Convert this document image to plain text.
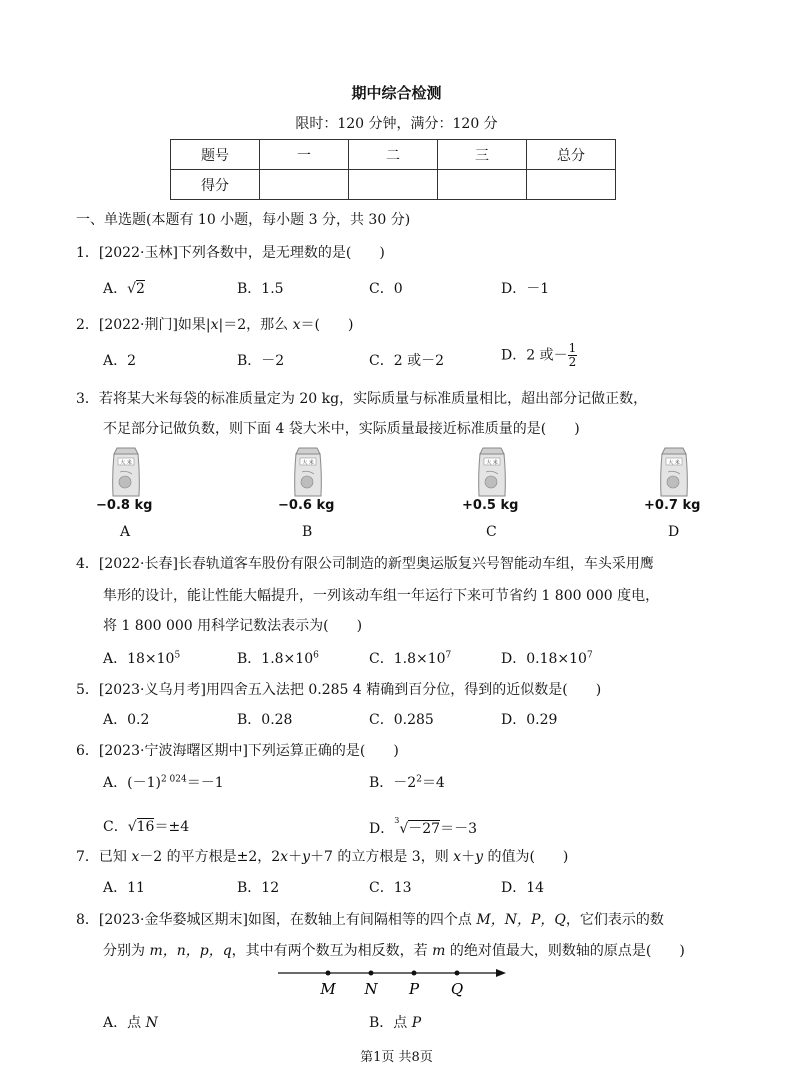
期中综合检测
限时：120 分钟，满分：120 分
题号	一	二	三	总分
得分				
一、单选题(本题有 10 小题，每小题 3 分，共 30 分)
1．[2022·玉林]下列各数中，是无理数的是(　　)
A．√2	B．1.5	C．0	D．－1
2．[2022·荆门]如果|x|＝2，那么 x＝(　　)
A．2	B．－2	C．2 或－2	D．2 或－ $\frac{1}{2}$
3．若将某大米每袋的标准质量定为 20 kg，实际质量与标准质量相比，超出部分记做正数，
不足部分记做负数，则下面 4 袋大米中，实际质量最接近标准质量的是(　　)
大 米
−0.8 kg
A
大 米
−0.6 kg
B
大 米
+0.5 kg
C
大 米
+0.7 kg
D
4．[2022·长春]长春轨道客车股份有限公司制造的新型奥运版复兴号智能动车组，车头采用鹰
隼形的设计，能让性能大幅提升，一列该动车组一年运行下来可节省约 1 800 000 度电，
将 1 800 000 用科学记数法表示为(　　)
A．$18\times 10^5$	B．$1.8\times 10^6$	C．$1.8\times 10^7$	D．$0.18\times 10^7$
5．[2023·义乌月考]用四舍五入法把 0.285 4 精确到百分位，得到的近似数是(　　)
A．0.2	B．0.28	C．0.285	D．0.29
6．[2023·宁波海曙区期中]下列运算正确的是(　　)
A．$(-1)^{2 024}=-1$	B．$-2^2=4$
C．√16＝±4	D．$^3$√－27＝－3
7．已知 x－2 的平方根是±2，2x＋y＋7 的立方根是 3，则 x＋y 的值为(　　)
A．11	B．12	C．13	D．14
8．[2023·金华婺城区期末]如图，在数轴上有间隔相等的四个点 M，N，P，Q，它们表示的数
分别为 m，n，p，q，其中有两个数互为相反数，若 m 的绝对值最大，则数轴的原点是(　　)
M N P Q
A．点 N	B．点 P
第1页 共8页
